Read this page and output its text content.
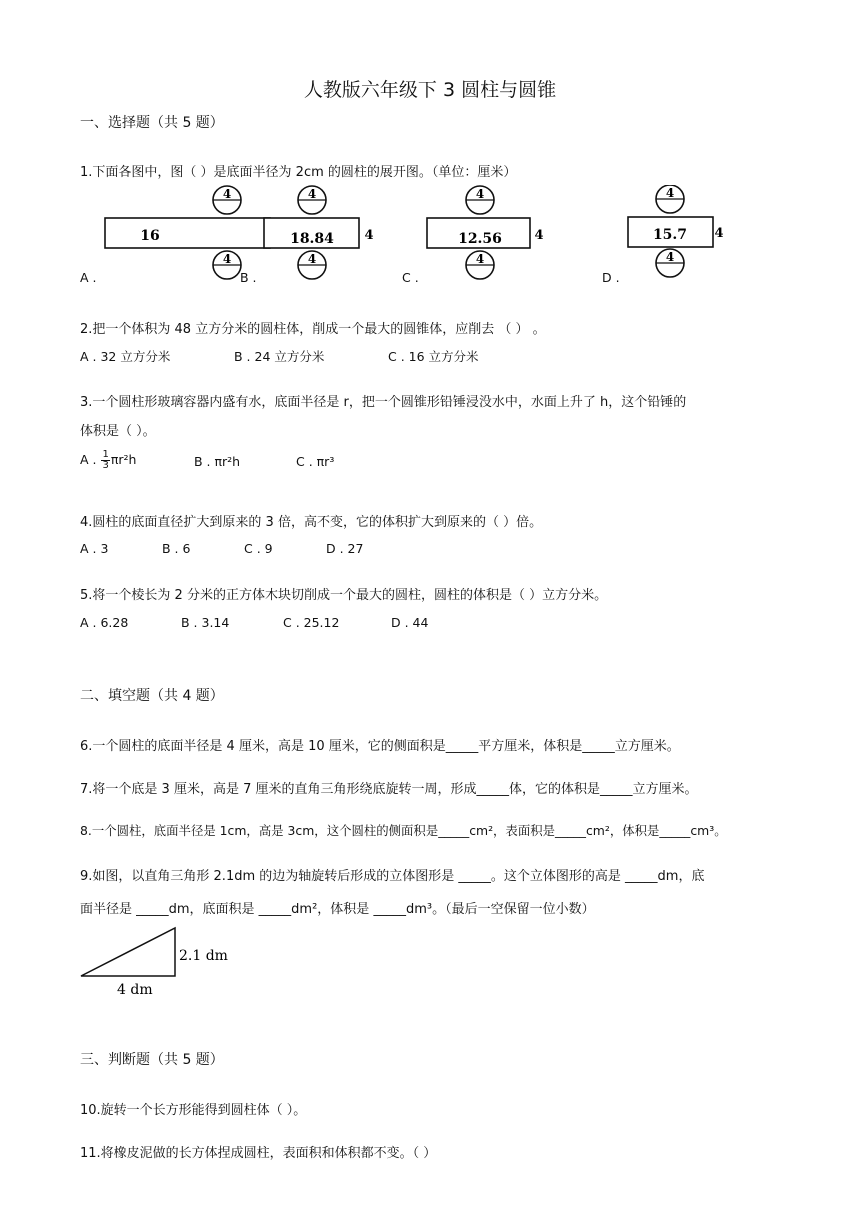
人教版六年级下 3 圆柱与圆锥
一、选择题（共 5 题）
1.下面各图中，图（ ）是底面半径为 2cm 的圆柱的展开图。（单位：厘米）
4
16
4
4
18.84 4
4
4
12.56	4
4
4
15.7 4
4
A .	B .	C .	D .
2.把一个体积为 48 立方分米的圆柱体，削成一个最大的圆锥体，应削去 （ ） 。
A . 32 立方分米	B . 24 立方分米	C . 16 立方分米
3.一个圆柱形玻璃容器内盛有水，底面半径是 r，把一个圆锥形铅锤浸没水中，水面上升了 h，这个铅锤的
体积是（ ）。
A . $\frac{1}{3} \pi r^2h$	B . πr²h	C . πr³
4.圆柱的底面直径扩大到原来的 3 倍，高不变，它的体积扩大到原来的（ ）倍。
A . 3	B . 6	C . 9	D . 27
5.将一个棱长为 2 分米的正方体木块切削成一个最大的圆柱，圆柱的体积是（ ）立方分米。
A . 6.28	B . 3.14	C . 25.12	D . 44
二、填空题（共 4 题）
6.一个圆柱的底面半径是 4 厘米，高是 10 厘米，它的侧面积是_____平方厘米，体积是_____立方厘米。
7.将一个底是 3 厘米，高是 7 厘米的直角三角形绕底旋转一周，形成_____体，它的体积是_____立方厘米。
8.一个圆柱，底面半径是 1cm，高是 3cm，这个圆柱的侧面积是_____cm²，表面积是_____cm²，体积是_____cm³。
9.如图，以直角三角形 2.1dm 的边为轴旋转后形成的立体图形是 _____。这个立体图形的高是 _____dm，底
面半径是 _____dm，底面积是 _____dm²，体积是 _____dm³。（最后一空保留一位小数）
2.1 dm
4 dm
三、判断题（共 5 题）
10.旋转一个长方形能得到圆柱体（ ）。
11.将橡皮泥做的长方体捏成圆柱，表面积和体积都不变。（ ）
